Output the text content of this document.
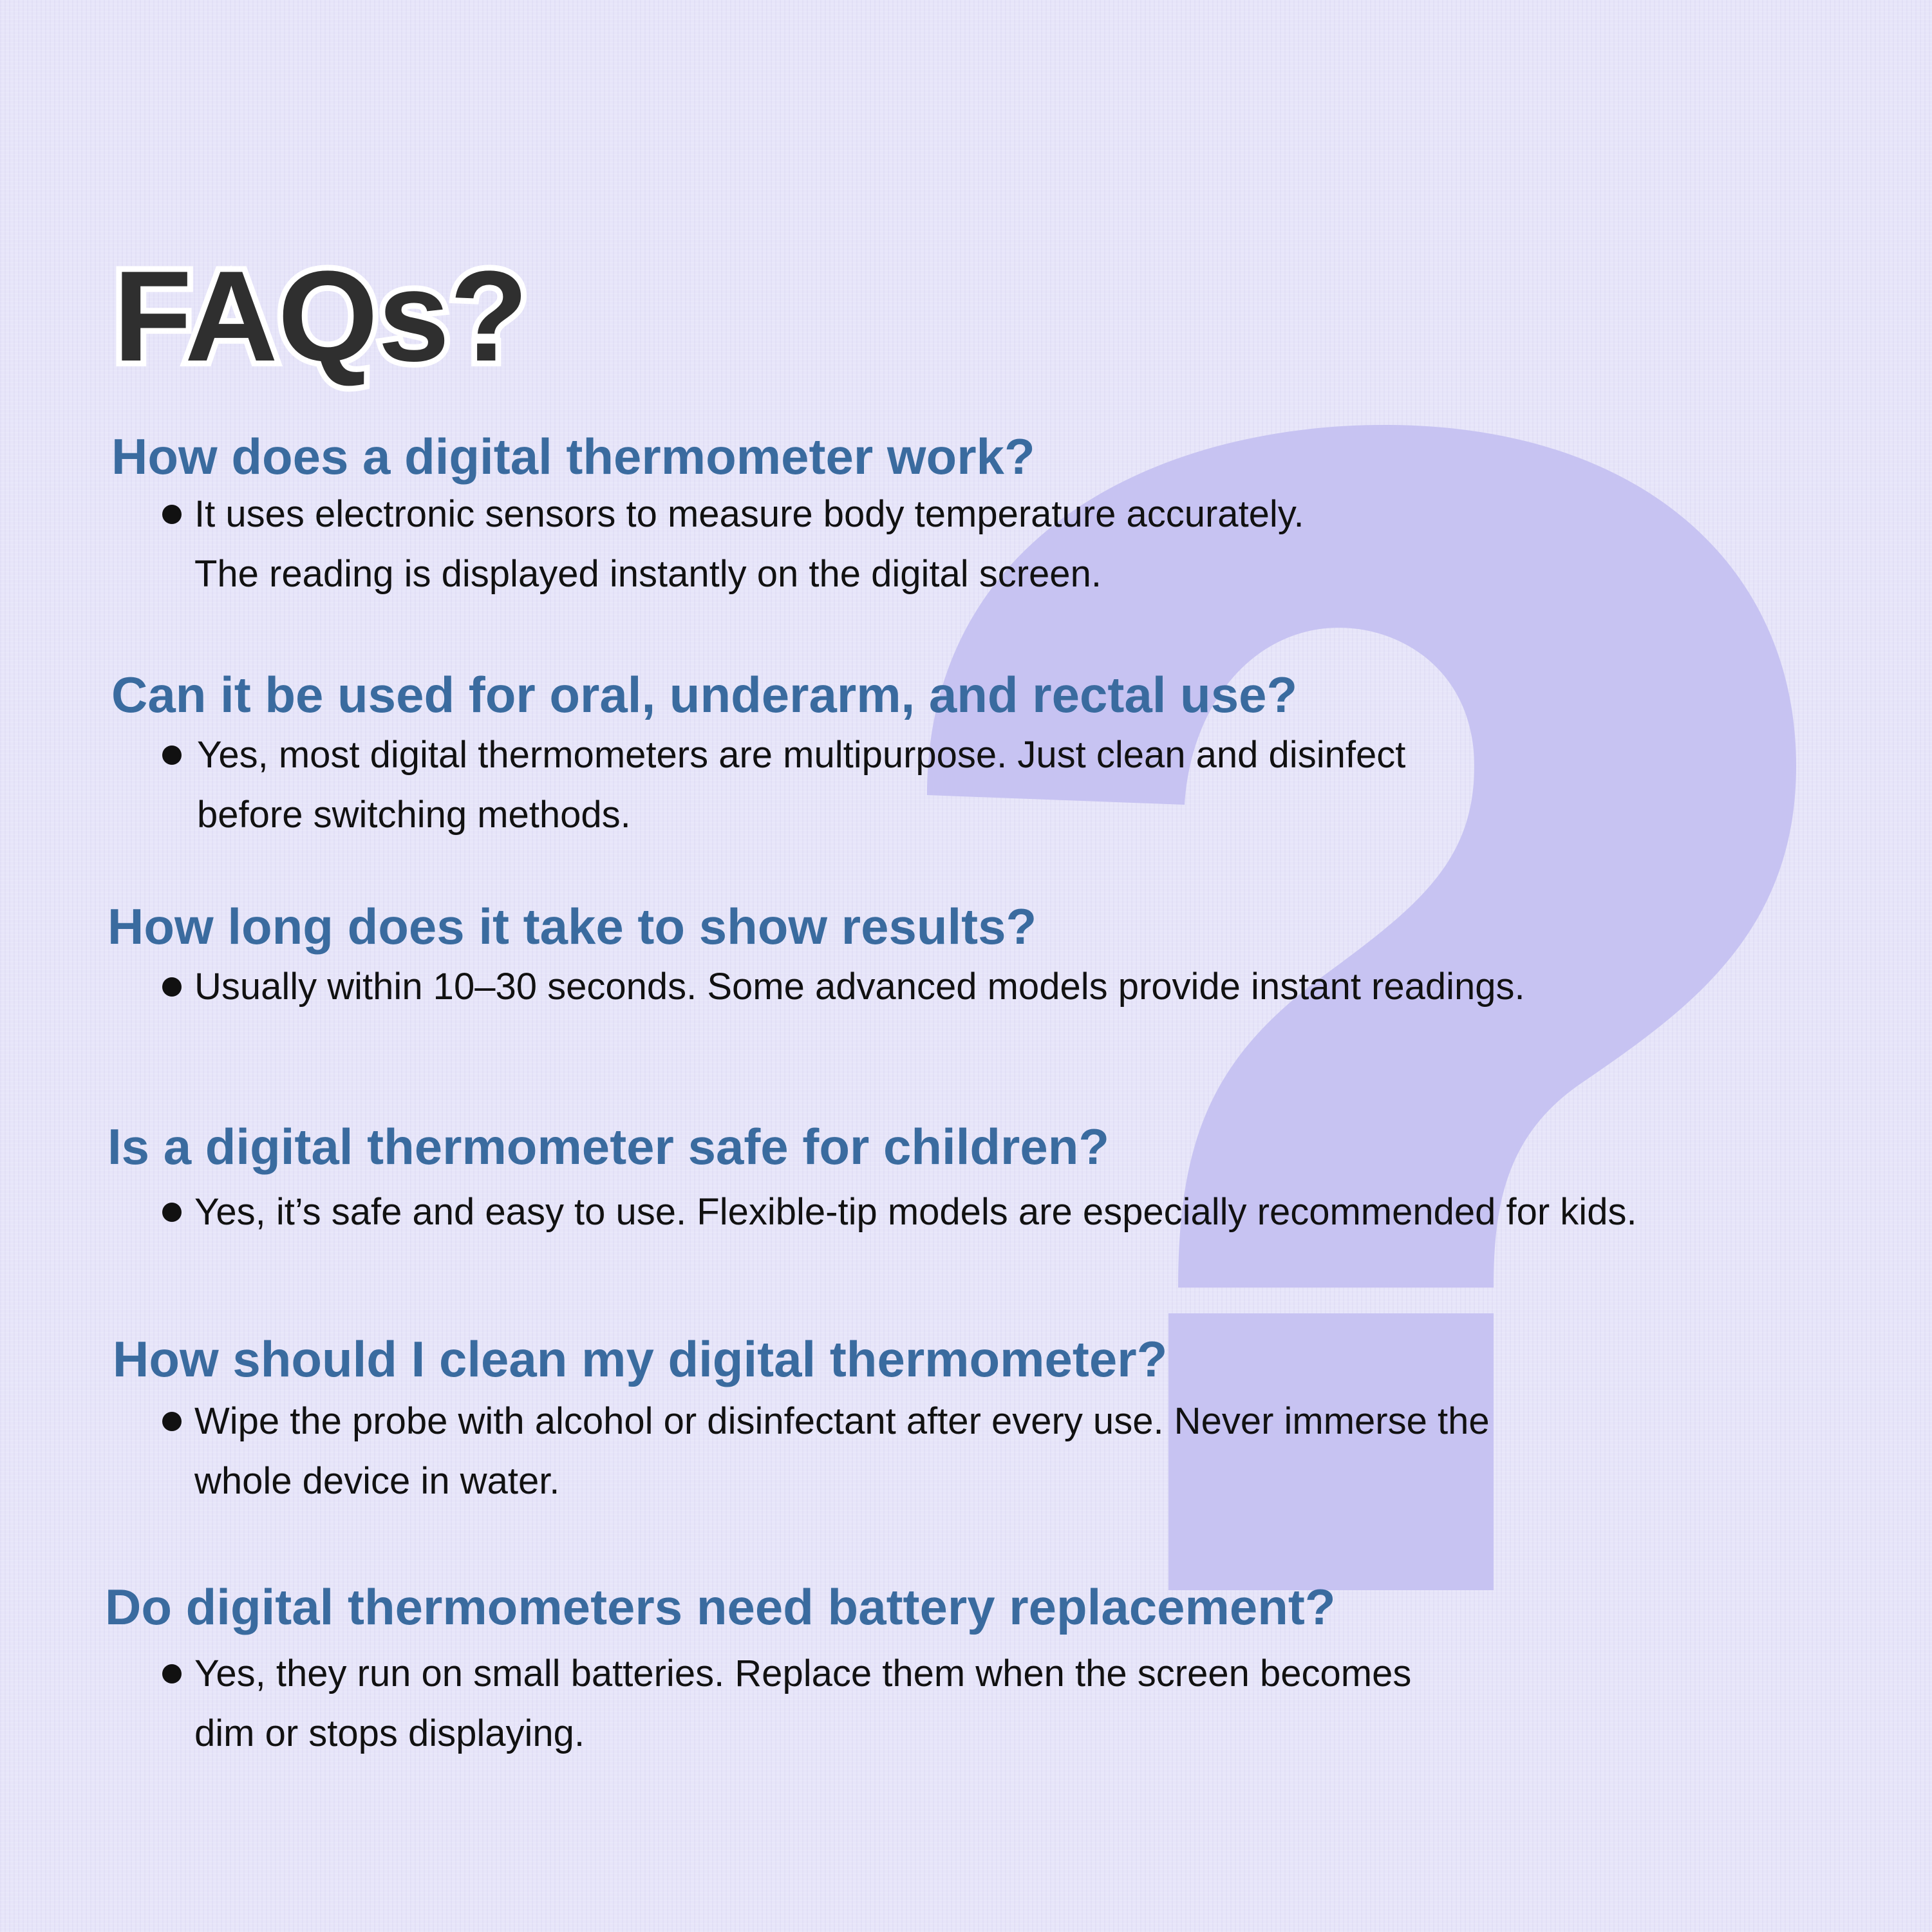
FAQs?
How does a digital thermometer work?

It uses electronic sensors to measure body temperature accurately.
The reading is displayed instantly on the digital screen.

Can it be used for oral, underarm, and rectal use?

Yes, most digital thermometers are multipurpose. Just clean and disinfect
before switching methods.

How long does it take to show results?

Usually within 10–30 seconds. Some advanced models provide instant readings.

Is a digital thermometer safe for children?

Yes, it’s safe and easy to use. Flexible-tip models are especially recommended for kids.

How should I clean my digital thermometer?

Wipe the probe with alcohol or disinfectant after every use. Never immerse the
whole device in water.

Do digital thermometers need battery replacement?

Yes, they run on small batteries. Replace them when the screen becomes
dim or stops displaying.
